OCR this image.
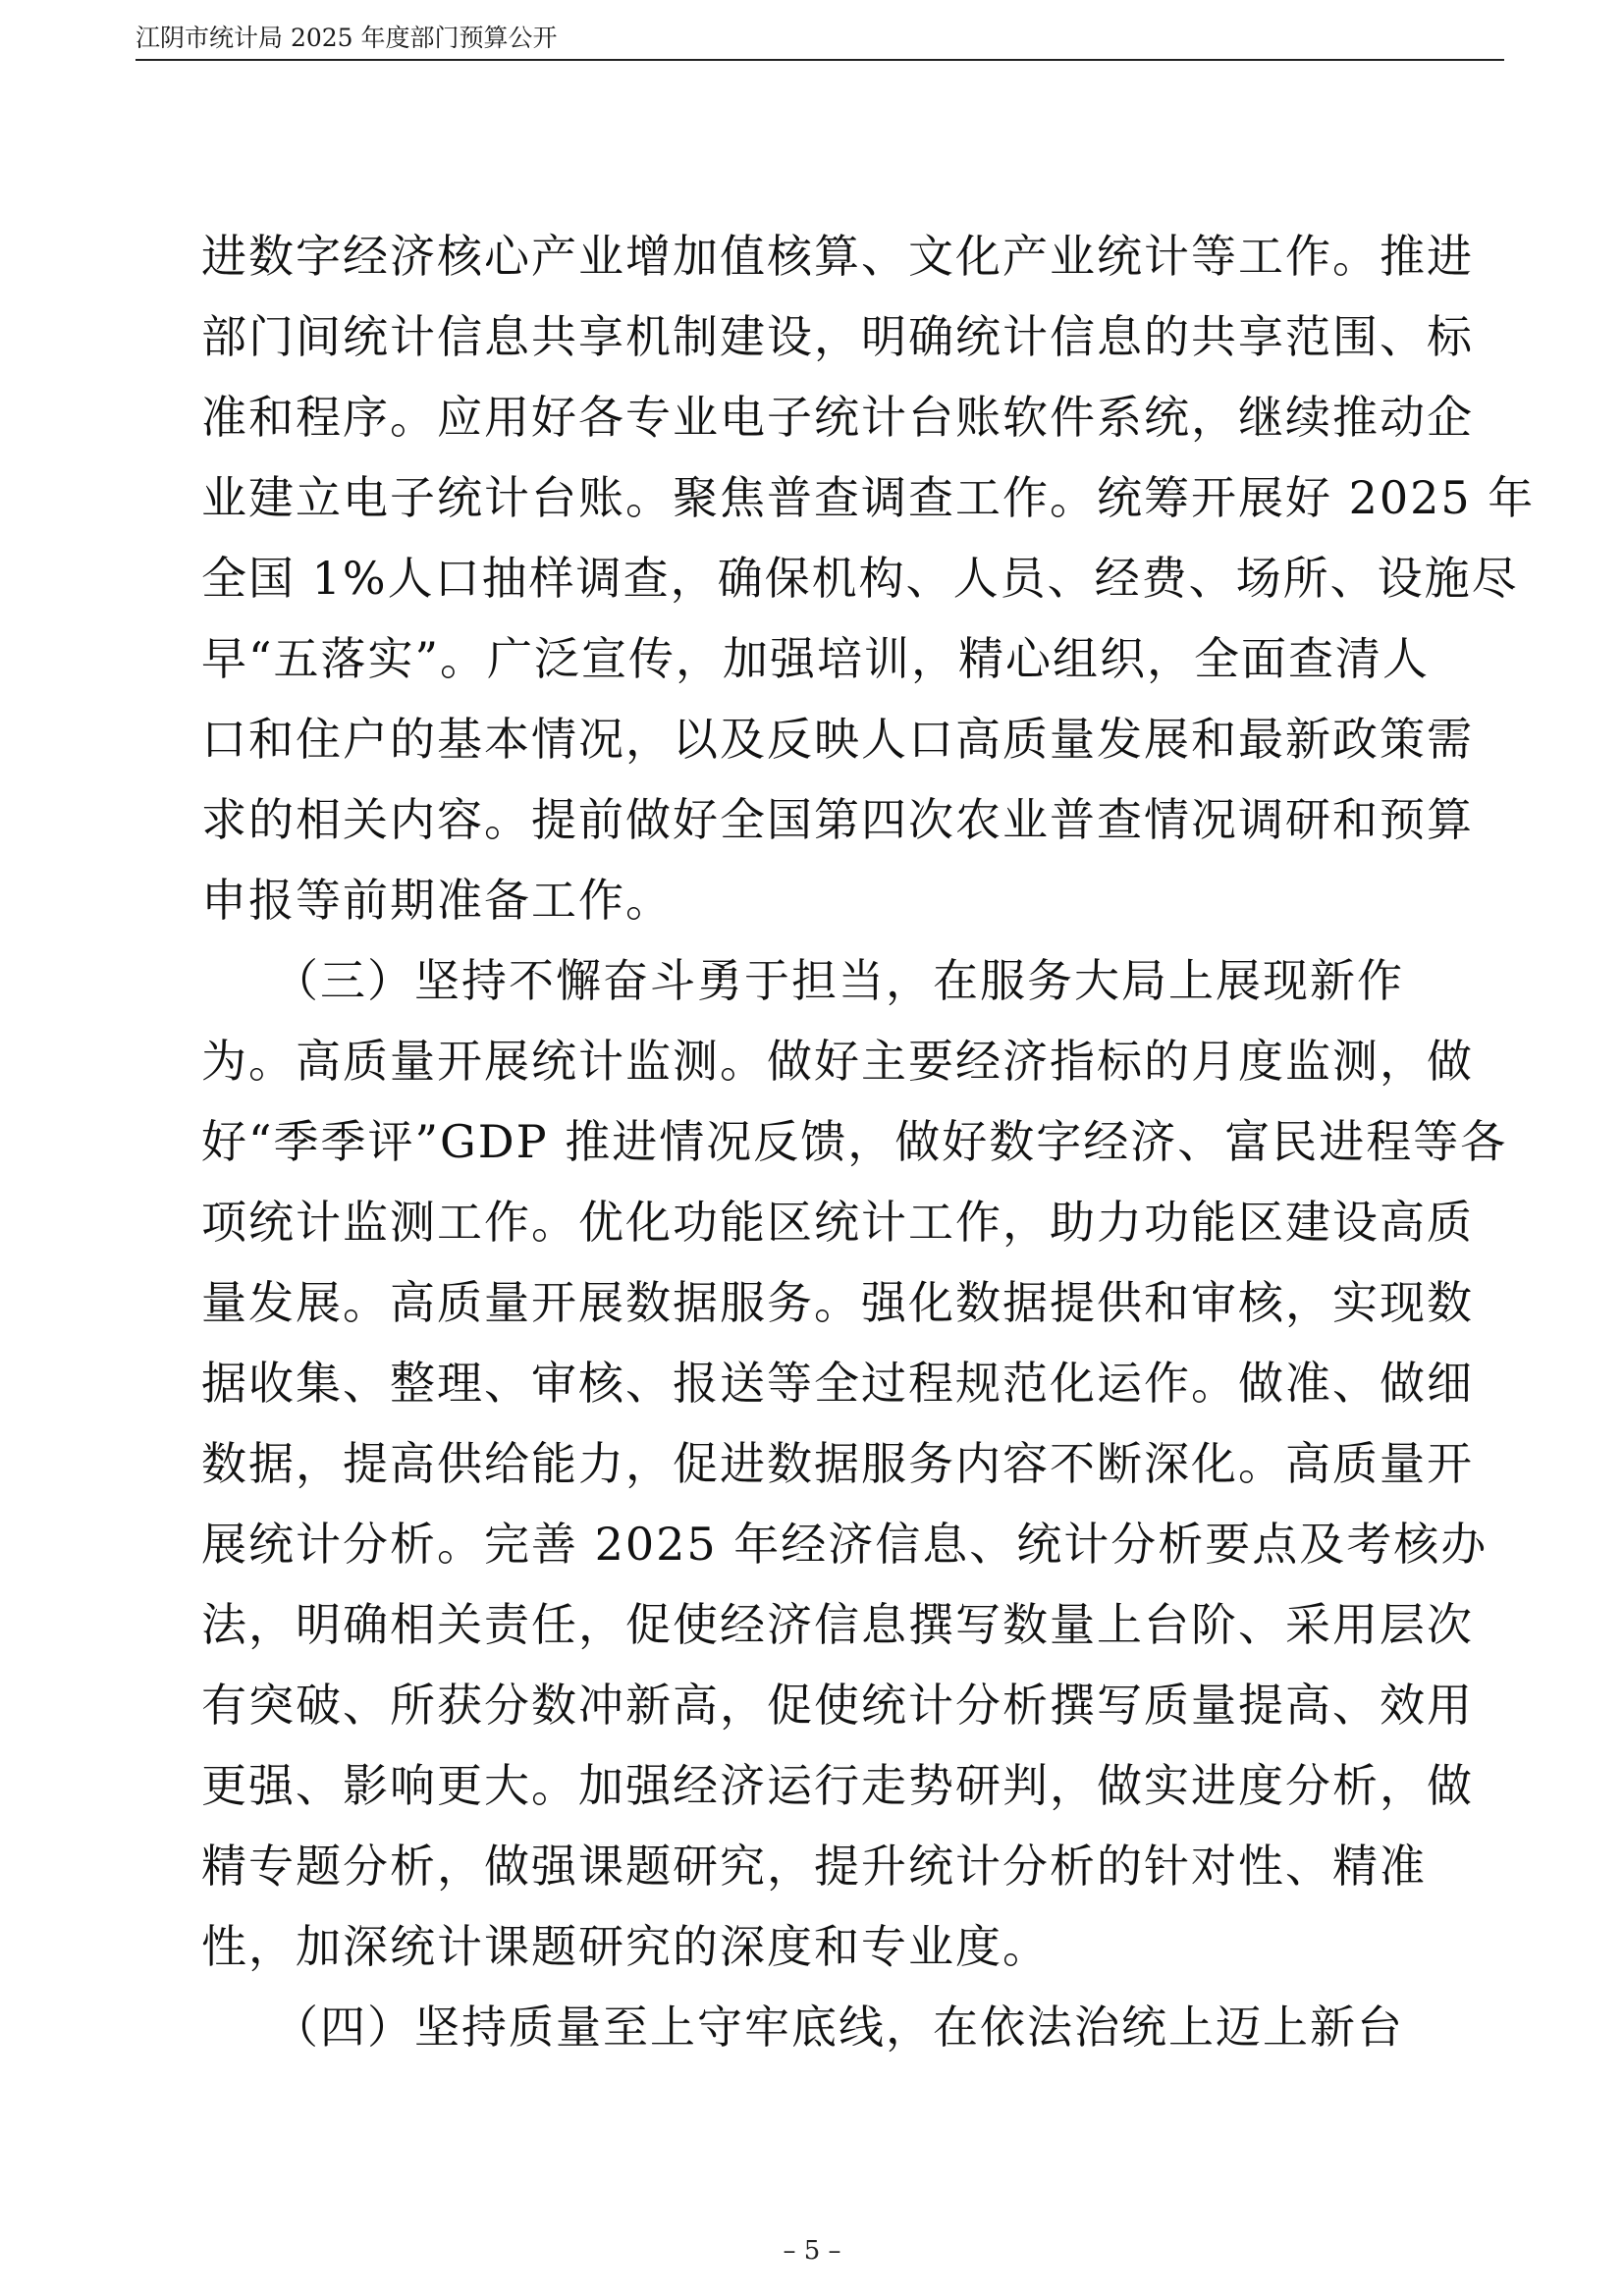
江阴市统计局 2025 年度部门预算公开
进数字经济核心产业增加值核算、文化产业统计等工作。推进
部门间统计信息共享机制建设，明确统计信息的共享范围、标
准和程序。应用好各专业电子统计台账软件系统，继续推动企
业建立电子统计台账。聚焦普查调查工作。统筹开展好 2025 年
全国 1%人口抽样调查，确保机构、人员、经费、场所、设施尽
早“五落实”。广泛宣传，加强培训，精心组织，全面查清人
口和住户的基本情况，以及反映人口高质量发展和最新政策需
求的相关内容。提前做好全国第四次农业普查情况调研和预算
申报等前期准备工作。
　　（三）坚持不懈奋斗勇于担当，在服务大局上展现新作
为。高质量开展统计监测。做好主要经济指标的月度监测，做
好“季季评”GDP 推进情况反馈，做好数字经济、富民进程等各
项统计监测工作。优化功能区统计工作，助力功能区建设高质
量发展。高质量开展数据服务。强化数据提供和审核，实现数
据收集、整理、审核、报送等全过程规范化运作。做准、做细
数据，提高供给能力，促进数据服务内容不断深化。高质量开
展统计分析。完善 2025 年经济信息、统计分析要点及考核办
法，明确相关责任，促使经济信息撰写数量上台阶、采用层次
有突破、所获分数冲新高，促使统计分析撰写质量提高、效用
更强、影响更大。加强经济运行走势研判，做实进度分析，做
精专题分析，做强课题研究，提升统计分析的针对性、精准
性，加深统计课题研究的深度和专业度。
　　（四）坚持质量至上守牢底线，在依法治统上迈上新台
– 5 –
